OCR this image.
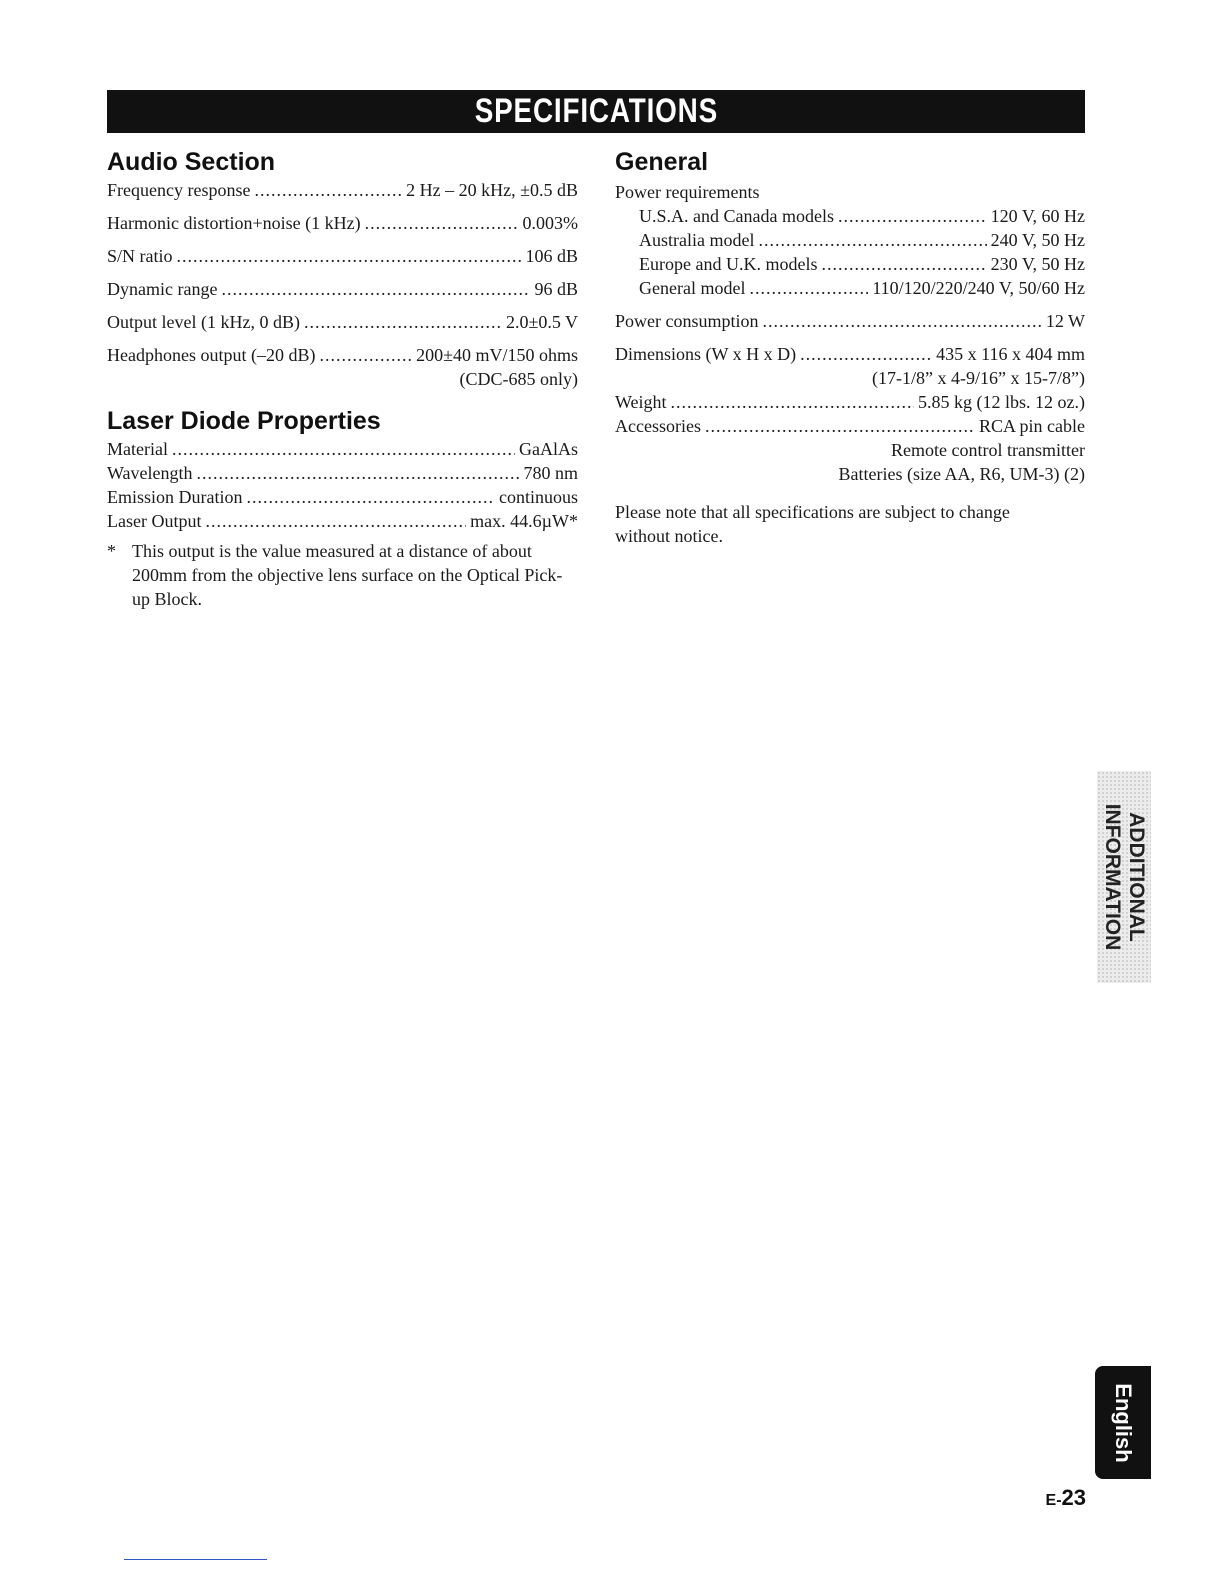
SPECIFICATIONS
Audio Section
Frequency response .....	2 Hz – 20 kHz, ±0.5 dB
Harmonic distortion+noise (1 kHz) .....	0.003%
S/N ratio .....	106 dB
Dynamic range .....	96 dB
Output level (1 kHz, 0 dB) .....	2.0±0.5 V
Headphones output (–20 dB) .....	200±40 mV/150 ohms
(CDC-685 only)
Laser Diode Properties
Material .....	GaAlAs
Wavelength .....	780 nm
Emission Duration .....	continuous
Laser Output .....	max. 44.6µW*
* This output is the value measured at a distance of about 200mm from the objective lens surface on the Optical Pick-up Block.
General
Power requirements
U.S.A. and Canada models .....	120 V, 60 Hz
Australia model .....	240 V, 50 Hz
Europe and U.K. models .....	230 V, 50 Hz
General model .....	110/120/220/240 V, 50/60 Hz
Power consumption .....	12 W
Dimensions (W x H x D) .....	435 x 116 x 404 mm
(17-1/8” x 4-9/16” x 15-7/8”)
Weight .....	5.85 kg (12 lbs. 12 oz.)
Accessories .....	RCA pin cable
Remote control transmitter
Batteries (size AA, R6, UM-3) (2)
Please note that all specifications are subject to change without notice.
ADDITIONAL
INFORMATION
English
E-23
